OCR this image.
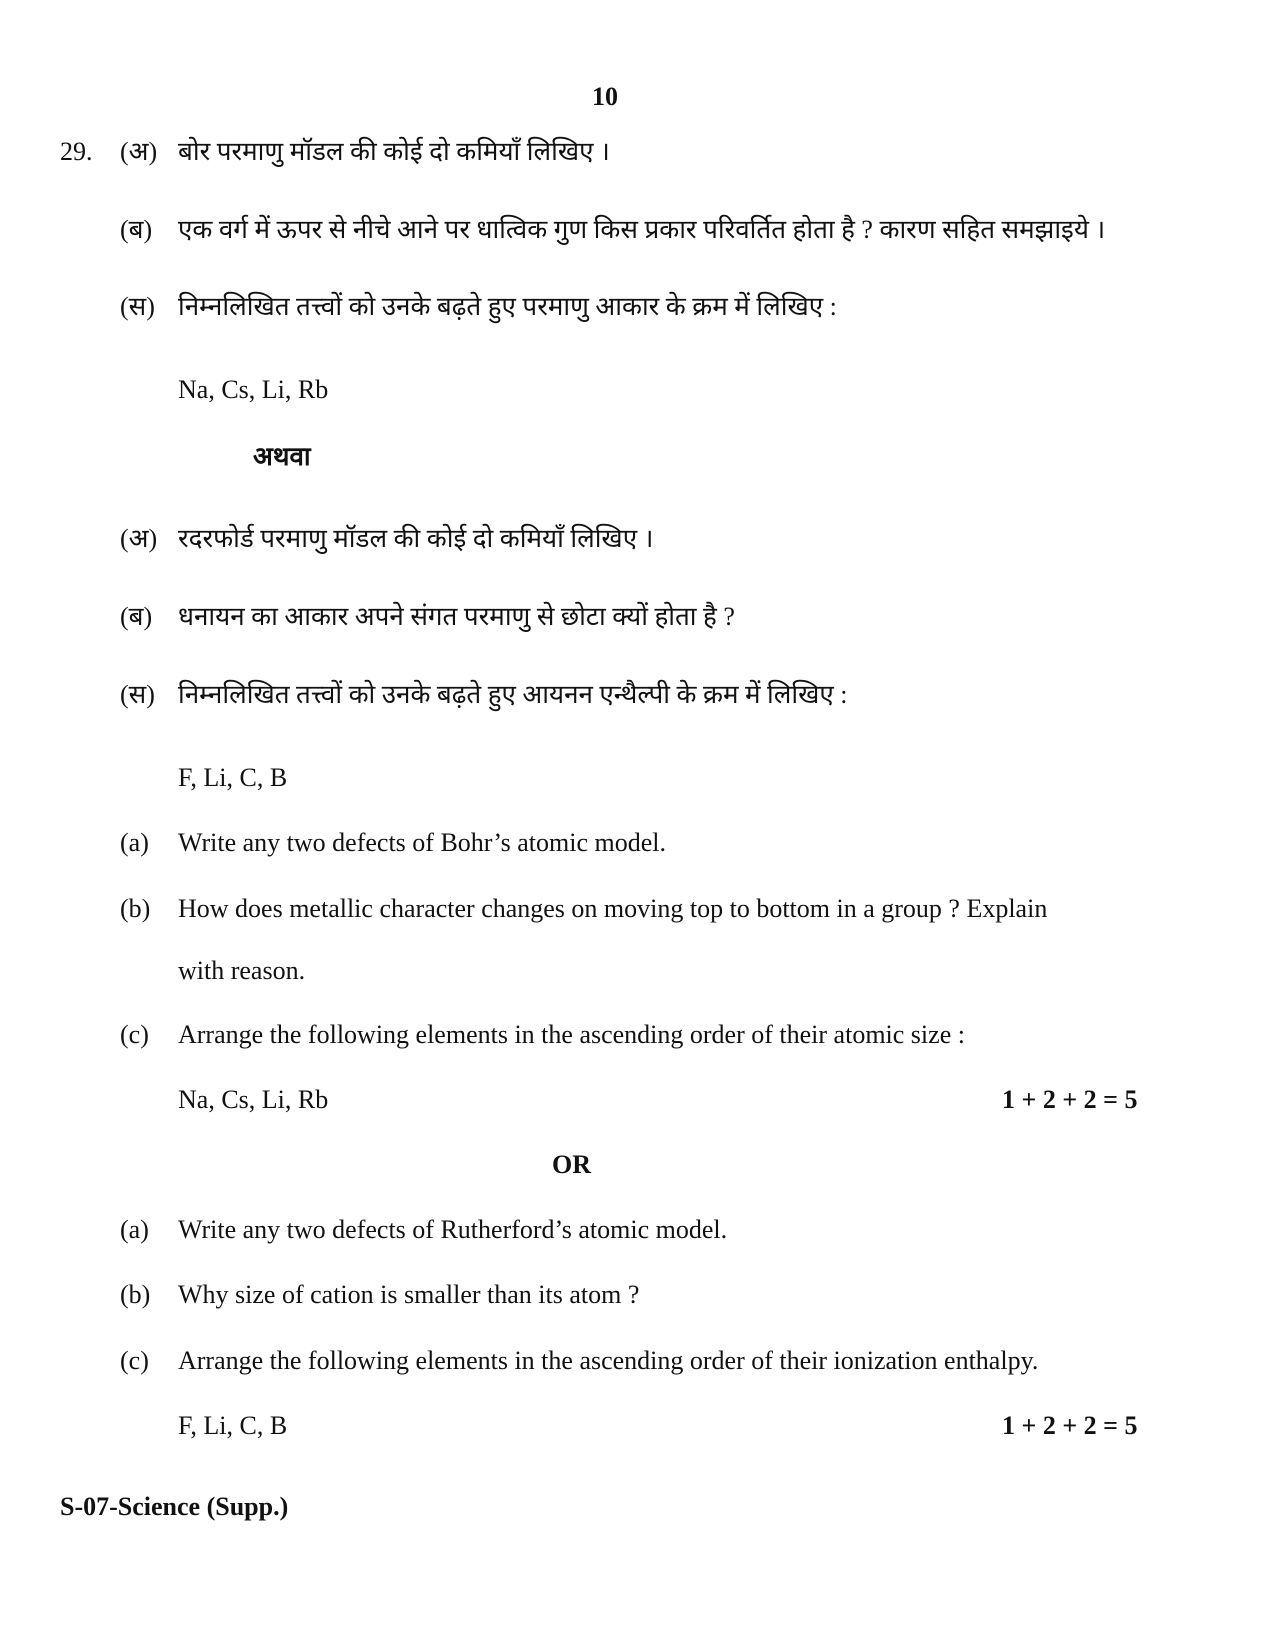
10
29. (अ) बोर परमाणु मॉडल की कोई दो कमियाँ लिखिए ।
(ब) एक वर्ग में ऊपर से नीचे आने पर धात्विक गुण किस प्रकार परिवर्तित होता है ? कारण सहित समझाइये ।
(स) निम्नलिखित तत्त्वों को उनके बढ़ते हुए परमाणु आकार के क्रम में लिखिए :
Na, Cs, Li, Rb
अथवा
(अ) रदरफोर्ड परमाणु मॉडल की कोई दो कमियाँ लिखिए ।
(ब) धनायन का आकार अपने संगत परमाणु से छोटा क्यों होता है ?
(स) निम्नलिखित तत्त्वों को उनके बढ़ते हुए आयनन एन्थैल्पी के क्रम में लिखिए :
F, Li, C, B
(a) Write any two defects of Bohr’s atomic model.
(b) How does metallic character changes on moving top to bottom in a group ? Explain
with reason.
(c) Arrange the following elements in the ascending order of their atomic size :
Na, Cs, Li, Rb	1 + 2 + 2 = 5
OR
(a) Write any two defects of Rutherford’s atomic model.
(b) Why size of cation is smaller than its atom ?
(c) Arrange the following elements in the ascending order of their ionization enthalpy.
F, Li, C, B	1 + 2 + 2 = 5
S-07-Science (Supp.)
